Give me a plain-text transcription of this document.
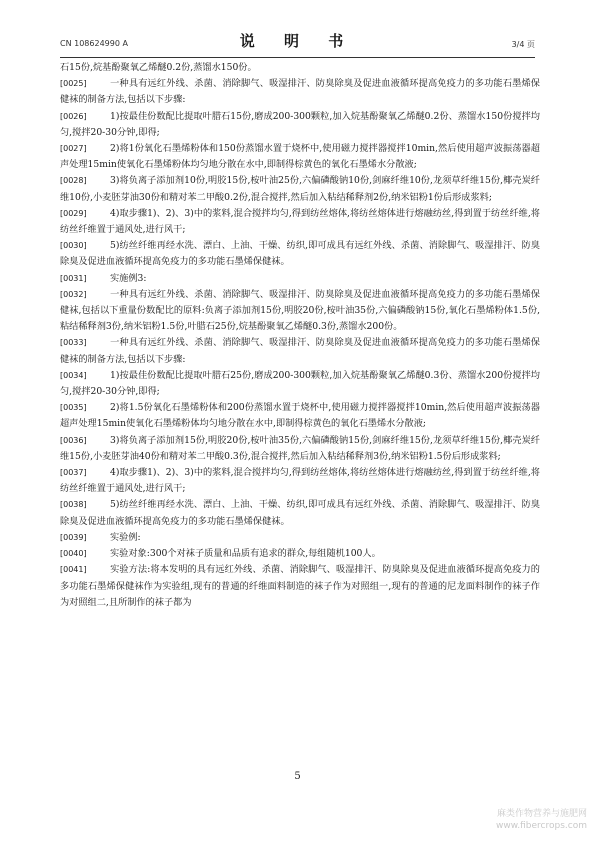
CN 108624990 A	说 明 书	3/4 页
石15份,烷基酚聚氧乙烯醚0.2份,蒸馏水150份。
[0025]	一种具有远红外线、杀菌、消除脚气、吸湿排汗、防臭除臭及促进血液循环提高免疫力的多功能石墨烯保健袜的制备方法,包括以下步骤:
[0026]	1)按最佳份数配比提取叶腊石15份,磨成200-300颗粒,加入烷基酚聚氧乙烯醚0.2份、蒸馏水150份搅拌均匀,搅拌20-30分钟,即得;
[0027]	2)将1份氧化石墨烯粉体和150份蒸馏水置于烧杯中,使用磁力搅拌器搅拌10min,然后使用超声波振荡器超声处理15min使氧化石墨烯粉体均匀地分散在水中,即制得棕黄色的氧化石墨烯水分散液;
[0028]	3)将负离子添加剂10份,明胶15份,桉叶油25份,六偏磷酸钠10份,剑麻纤维10份,龙须草纤维15份,椰壳炭纤维10份,小麦胚芽油30份和精对苯二甲酸0.2份,混合搅拌,然后加入粘结稀释剂2份,纳米铝粉1份后形成浆料;
[0029]	4)取步骤1)、2)、3)中的浆料,混合搅拌均匀,得到纺丝熔体,将纺丝熔体进行熔融纺丝,得到置于纺丝纤维,将纺丝纤维置于通风处,进行风干;
[0030]	5)纺丝纤维再经水洗、漂白、上油、干燥、纺织,即可成具有远红外线、杀菌、消除脚气、吸湿排汗、防臭除臭及促进血液循环提高免疫力的多功能石墨烯保健袜。
[0031]	实施例3:
[0032]	一种具有远红外线、杀菌、消除脚气、吸湿排汗、防臭除臭及促进血液循环提高免疫力的多功能石墨烯保健袜,包括以下重量份数配比的原料:负离子添加剂15份,明胶20份,桉叶油35份,六偏磷酸钠15份,氧化石墨烯粉体1.5份,粘结稀释剂3份,纳米铝粉1.5份,叶腊石25份,烷基酚聚氧乙烯醚0.3份,蒸馏水200份。
[0033]	一种具有远红外线、杀菌、消除脚气、吸湿排汗、防臭除臭及促进血液循环提高免疫力的多功能石墨烯保健袜的制备方法,包括以下步骤:
[0034]	1)按最佳份数配比提取叶腊石25份,磨成200-300颗粒,加入烷基酚聚氧乙烯醚0.3份、蒸馏水200份搅拌均匀,搅拌20-30分钟,即得;
[0035]	2)将1.5份氧化石墨烯粉体和200份蒸馏水置于烧杯中,使用磁力搅拌器搅拌10min,然后使用超声波振荡器超声处理15min使氧化石墨烯粉体均匀地分散在水中,即制得棕黄色的氧化石墨烯水分散液;
[0036]	3)将负离子添加剂15份,明胶20份,桉叶油35份,六偏磷酸钠15份,剑麻纤维15份,龙须草纤维15份,椰壳炭纤维15份,小麦胚芽油40份和精对苯二甲酸0.3份,混合搅拌,然后加入粘结稀释剂3份,纳米铝粉1.5份后形成浆料;
[0037]	4)取步骤1)、2)、3)中的浆料,混合搅拌均匀,得到纺丝熔体,将纺丝熔体进行熔融纺丝,得到置于纺丝纤维,将纺丝纤维置于通风处,进行风干;
[0038]	5)纺丝纤维再经水洗、漂白、上油、干燥、纺织,即可成具有远红外线、杀菌、消除脚气、吸湿排汗、防臭除臭及促进血液循环提高免疫力的多功能石墨烯保健袜。
[0039]	实验例:
[0040]	实验对象:300个对袜子质量和品质有追求的群众,每组随机100人。
[0041]	实验方法:将本发明的具有远红外线、杀菌、消除脚气、吸湿排汗、防臭除臭及促进血液循环提高免疫力的多功能石墨烯保健袜作为实验组,现有的普通的纤维面料制造的袜子作为对照组一,现有的普通的尼龙面料制作的袜子作为对照组二,且所制作的袜子都为
5
麻类作物营养与施肥网
www.fibercrops.com
